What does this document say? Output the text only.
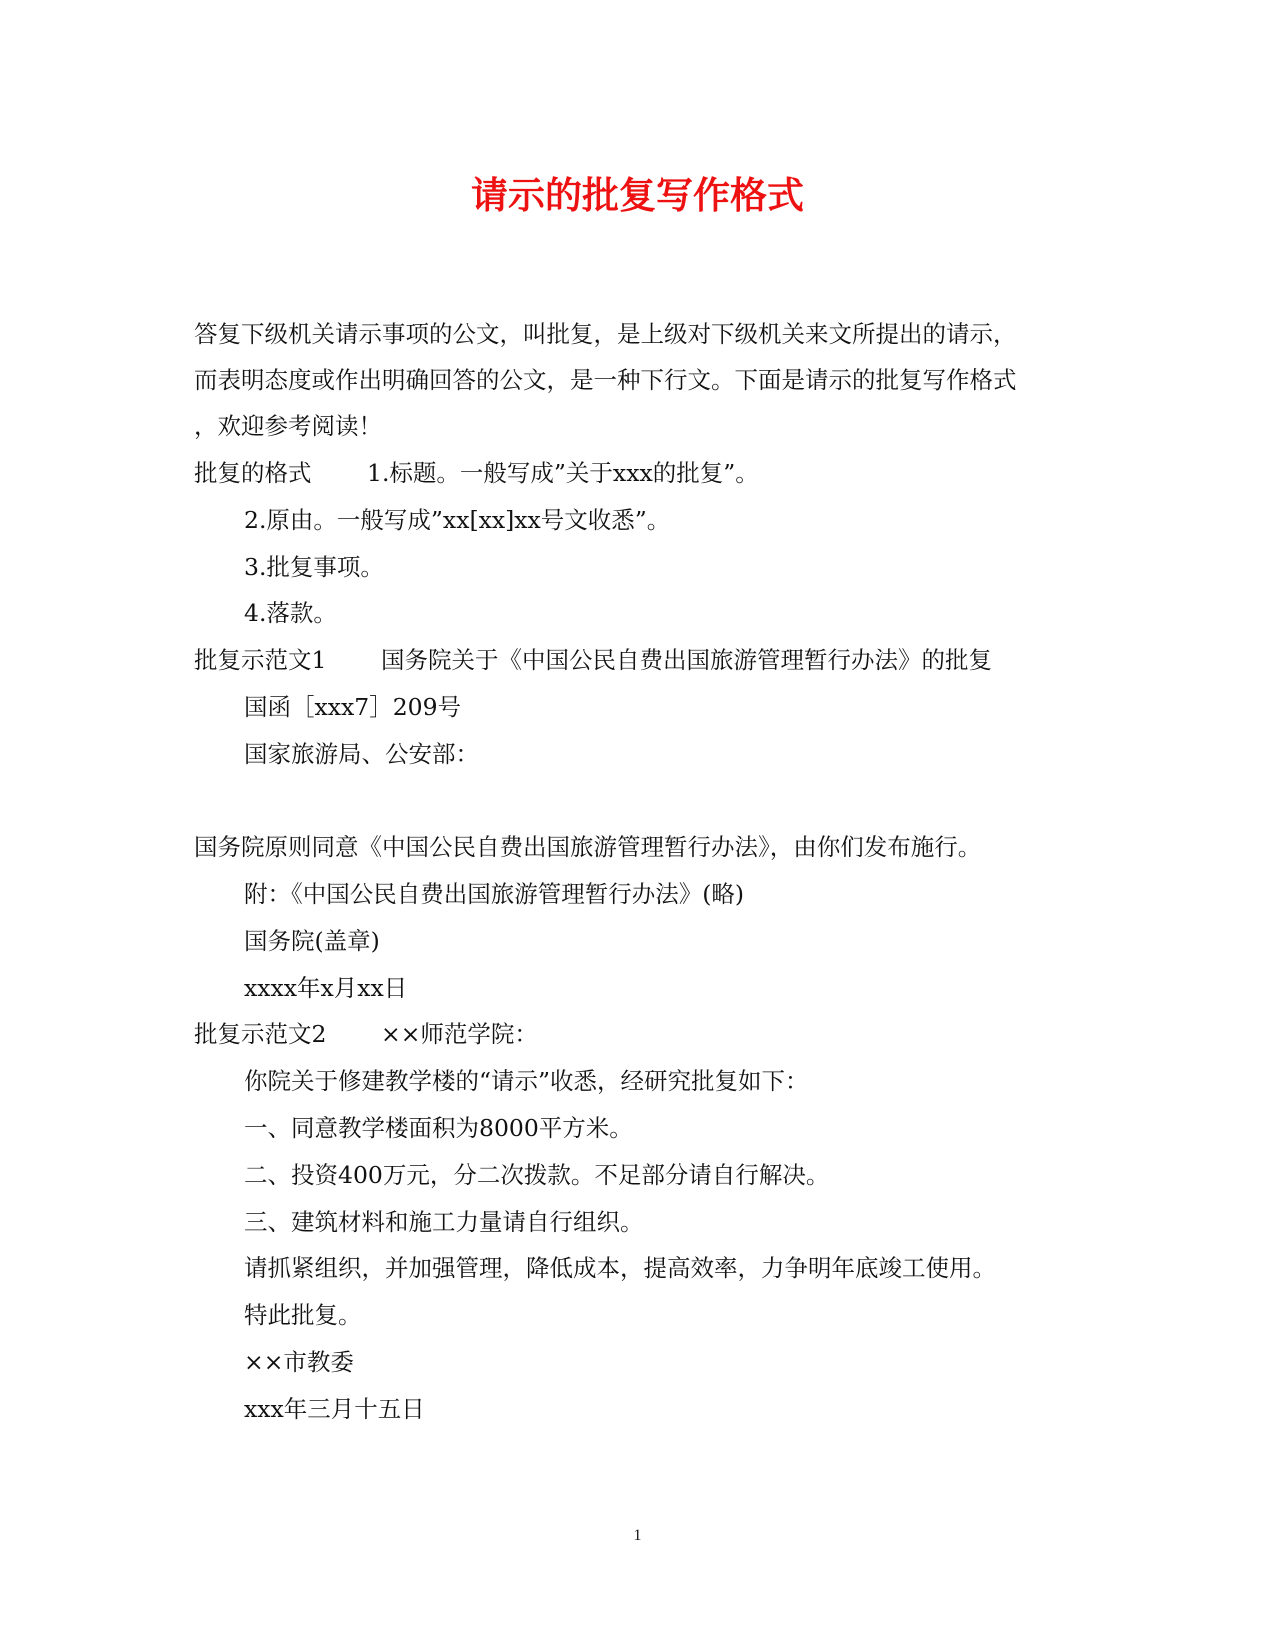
请示的批复写作格式
答复下级机关请示事项的公文，叫批复，是上级对下级机关来文所提出的请示，
而表明态度或作出明确回答的公文，是一种下行文。下面是请示的批复写作格式
，欢迎参考阅读！
批复的格式 1.标题。一般写成”关于xxx的批复”。
2.原由。一般写成”xx[xx]xx号文收悉”。
3.批复事项。
4.落款。
批复示范文1 国务院关于《中国公民自费出国旅游管理暂行办法》的批复
国函［xxx7］209号
国家旅游局、公安部：
国务院原则同意《中国公民自费出国旅游管理暂行办法》，由你们发布施行。
附：《中国公民自费出国旅游管理暂行办法》(略)
国务院(盖章)
xxxx年x月xx日
批复示范文2 ××师范学院：
你院关于修建教学楼的“请示”收悉，经研究批复如下：
一、同意教学楼面积为8000平方米。
二、投资400万元，分二次拨款。不足部分请自行解决。
三、建筑材料和施工力量请自行组织。
请抓紧组织，并加强管理，降低成本，提高效率，力争明年底竣工使用。
特此批复。
××市教委
xxx年三月十五日
1
